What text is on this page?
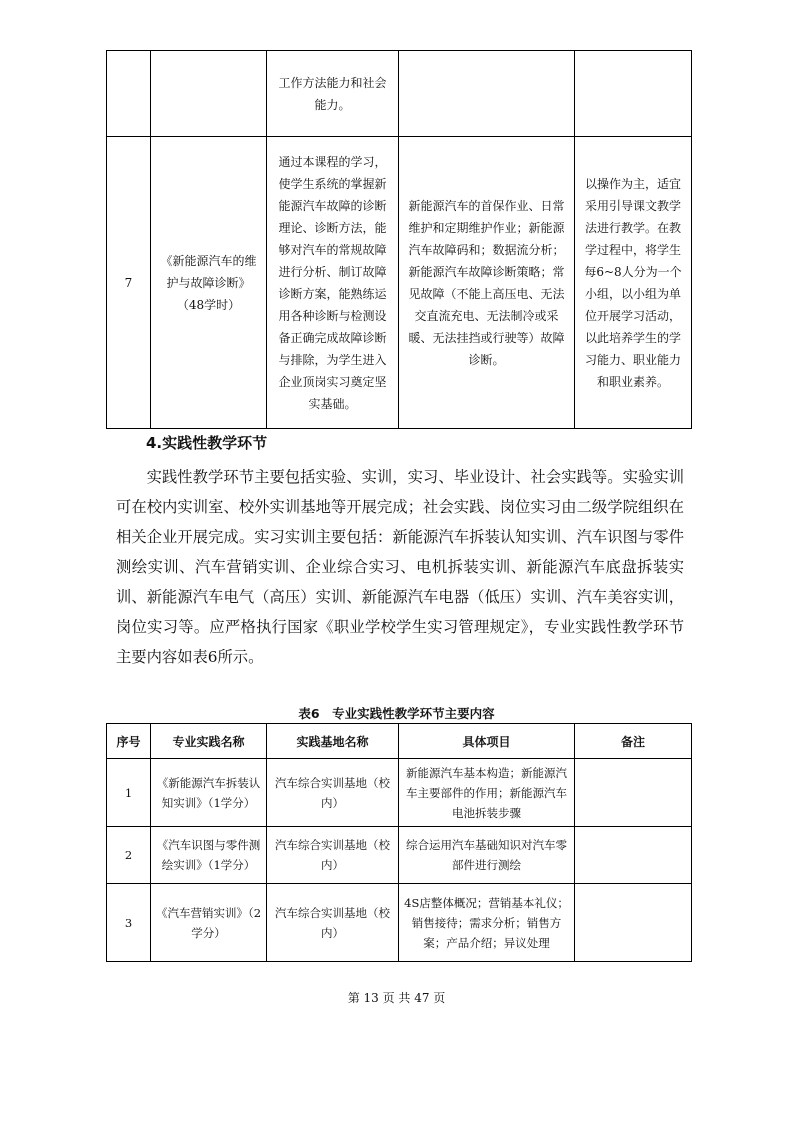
		工作方法能力和社会能力。		

7	《新能源汽车的维护与故障诊断》（48学时）	通过本课程的学习，使学生系统的掌握新能源汽车故障的诊断理论、诊断方法，能够对汽车的常规故障进行分析、制订故障诊断方案，能熟练运用各种诊断与检测设备正确完成故障诊断与排除，为学生进入企业顶岗实习奠定坚实基础。	新能源汽车的首保作业、日常维护和定期维护作业；新能源汽车故障码和；数据流分析；新能源汽车故障诊断策略；常见故障（不能上高压电、无法交直流充电、无法制冷或采暖、无法挂挡或行驶等）故障诊断。	以操作为主，适宜采用引导课文教学法进行教学。在教学过程中，将学生每6~8人分为一个小组，以小组为单位开展学习活动，以此培养学生的学习能力、职业能力和职业素养。
4.实践性教学环节

实践性教学环节主要包括实验、实训，实习、毕业设计、社会实践等。实验实训可在校内实训室、校外实训基地等开展完成；社会实践、岗位实习由二级学院组织在相关企业开展完成。实习实训主要包括：新能源汽车拆装认知实训、汽车识图与零件测绘实训、汽车营销实训、企业综合实习、电机拆装实训、新能源汽车底盘拆装实训、新能源汽车电气（高压）实训、新能源汽车电器（低压）实训、汽车美容实训，岗位实习等。应严格执行国家《职业学校学生实习管理规定》，专业实践性教学环节主要内容如表6所示。

表6　专业实践性教学环节主要内容
序号	专业实践名称	实践基地名称	具体项目	备注
1	《新能源汽车拆装认知实训》（1学分）	汽车综合实训基地（校内）	新能源汽车基本构造；新能源汽车主要部件的作用；新能源汽车电池拆装步骤	
2	《汽车识图与零件测绘实训》（1学分）	汽车综合实训基地（校内）	综合运用汽车基础知识对汽车零部件进行测绘	
3	《汽车营销实训》（2学分）	汽车综合实训基地（校内）	4S店整体概况；营销基本礼仪；销售接待；需求分析；销售方案；产品介绍；异议处理	
第 13 页 共 47 页
